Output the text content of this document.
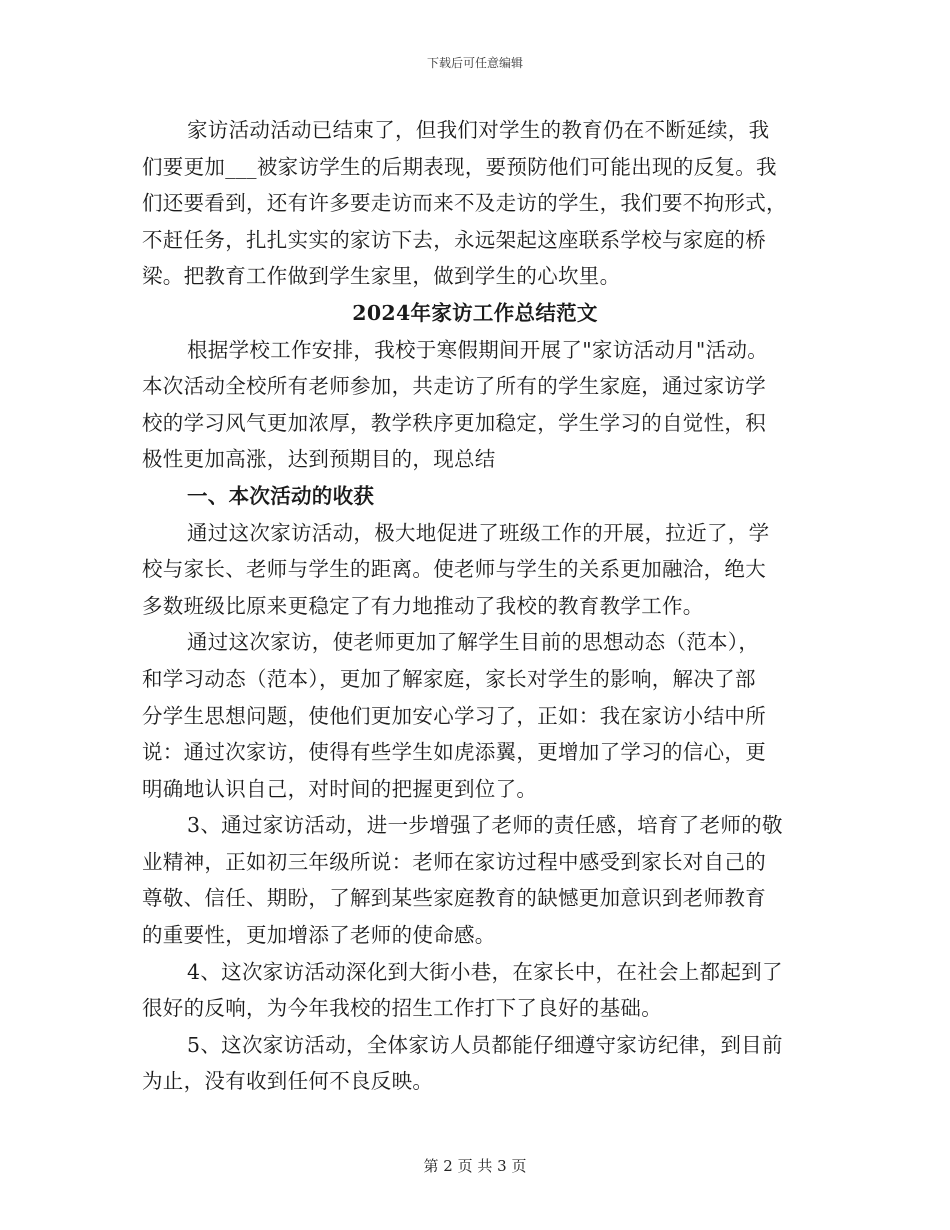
下载后可任意编辑
家访活动活动已结束了，但我们对学生的教育仍在不断延续，我
们要更加___被家访学生的后期表现，要预防他们可能出现的反复。我
们还要看到，还有许多要走访而来不及走访的学生，我们要不拘形式，
不赶任务，扎扎实实的家访下去，永远架起这座联系学校与家庭的桥
梁。把教育工作做到学生家里，做到学生的心坎里。
2024年家访工作总结范文
根据学校工作安排，我校于寒假期间开展了"家访活动月"活动。
本次活动全校所有老师参加，共走访了所有的学生家庭，通过家访学
校的学习风气更加浓厚，教学秩序更加稳定，学生学习的自觉性，积
极性更加高涨，达到预期目的，现总结
一、本次活动的收获
通过这次家访活动，极大地促进了班级工作的开展，拉近了，学
校与家长、老师与学生的距离。使老师与学生的关系更加融洽，绝大
多数班级比原来更稳定了有力地推动了我校的教育教学工作。
通过这次家访，使老师更加了解学生目前的思想动态（范本），
和学习动态（范本），更加了解家庭，家长对学生的影响，解决了部
分学生思想问题，使他们更加安心学习了，正如：我在家访小结中所
说：通过次家访，使得有些学生如虎添翼，更增加了学习的信心，更
明确地认识自己，对时间的把握更到位了。
3、通过家访活动，进一步增强了老师的责任感，培育了老师的敬
业精神，正如初三年级所说：老师在家访过程中感受到家长对自己的
尊敬、信任、期盼，了解到某些家庭教育的缺憾更加意识到老师教育
的重要性，更加增添了老师的使命感。
4、这次家访活动深化到大街小巷，在家长中，在社会上都起到了
很好的反响，为今年我校的招生工作打下了良好的基础。
5、这次家访活动，全体家访人员都能仔细遵守家访纪律，到目前
为止，没有收到任何不良反映。
第 2 页 共 3 页
